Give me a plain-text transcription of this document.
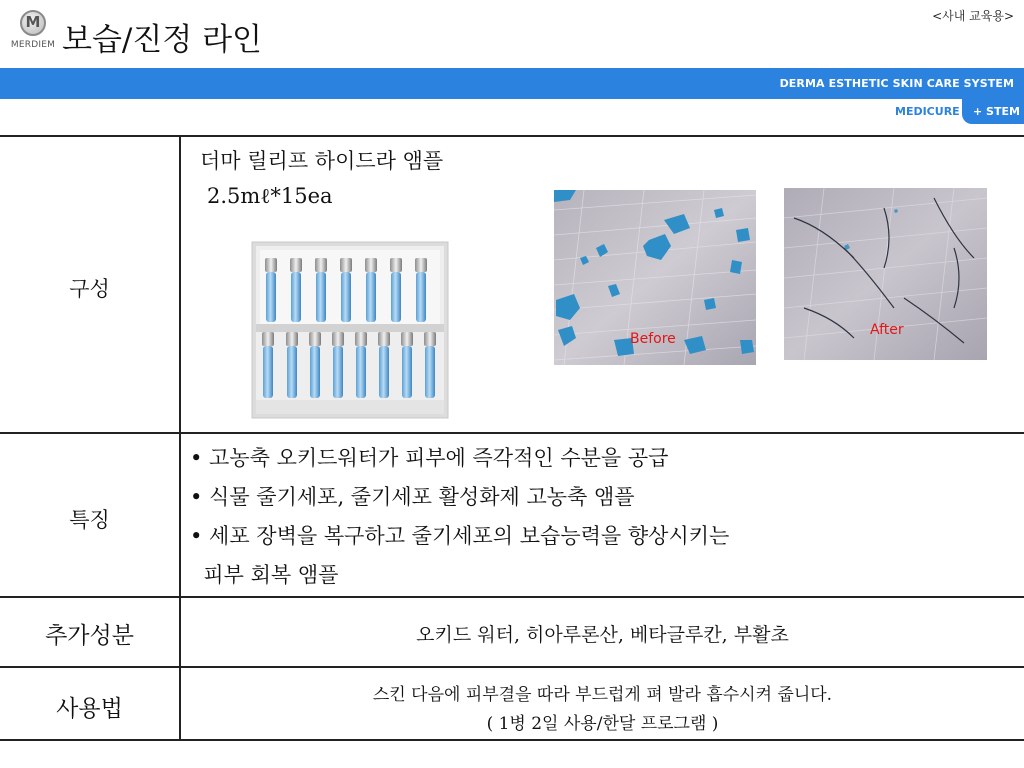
M
MERDIEM 보습/진정 라인
<사내 교육용>
DERMA ESTHETIC SKIN CARE SYSTEM
MEDICURE + STEM
구성
더마 릴리프 하이드라 앰플
2.5mℓ*15ea
Before
After
특징
• 고농축 오키드워터가 피부에 즉각적인 수분을 공급
• 식물 줄기세포, 줄기세포 활성화제 고농축 앰플
• 세포 장벽을 복구하고 줄기세포의 보습능력을 향상시키는
피부 회복 앰플
추가성분	오키드 워터, 히아루론산, 베타글루칸, 부활초
사용법
스킨 다음에 피부결을 따라 부드럽게 펴 발라 흡수시켜 줍니다.
( 1병 2일 사용/한달 프로그램 )
